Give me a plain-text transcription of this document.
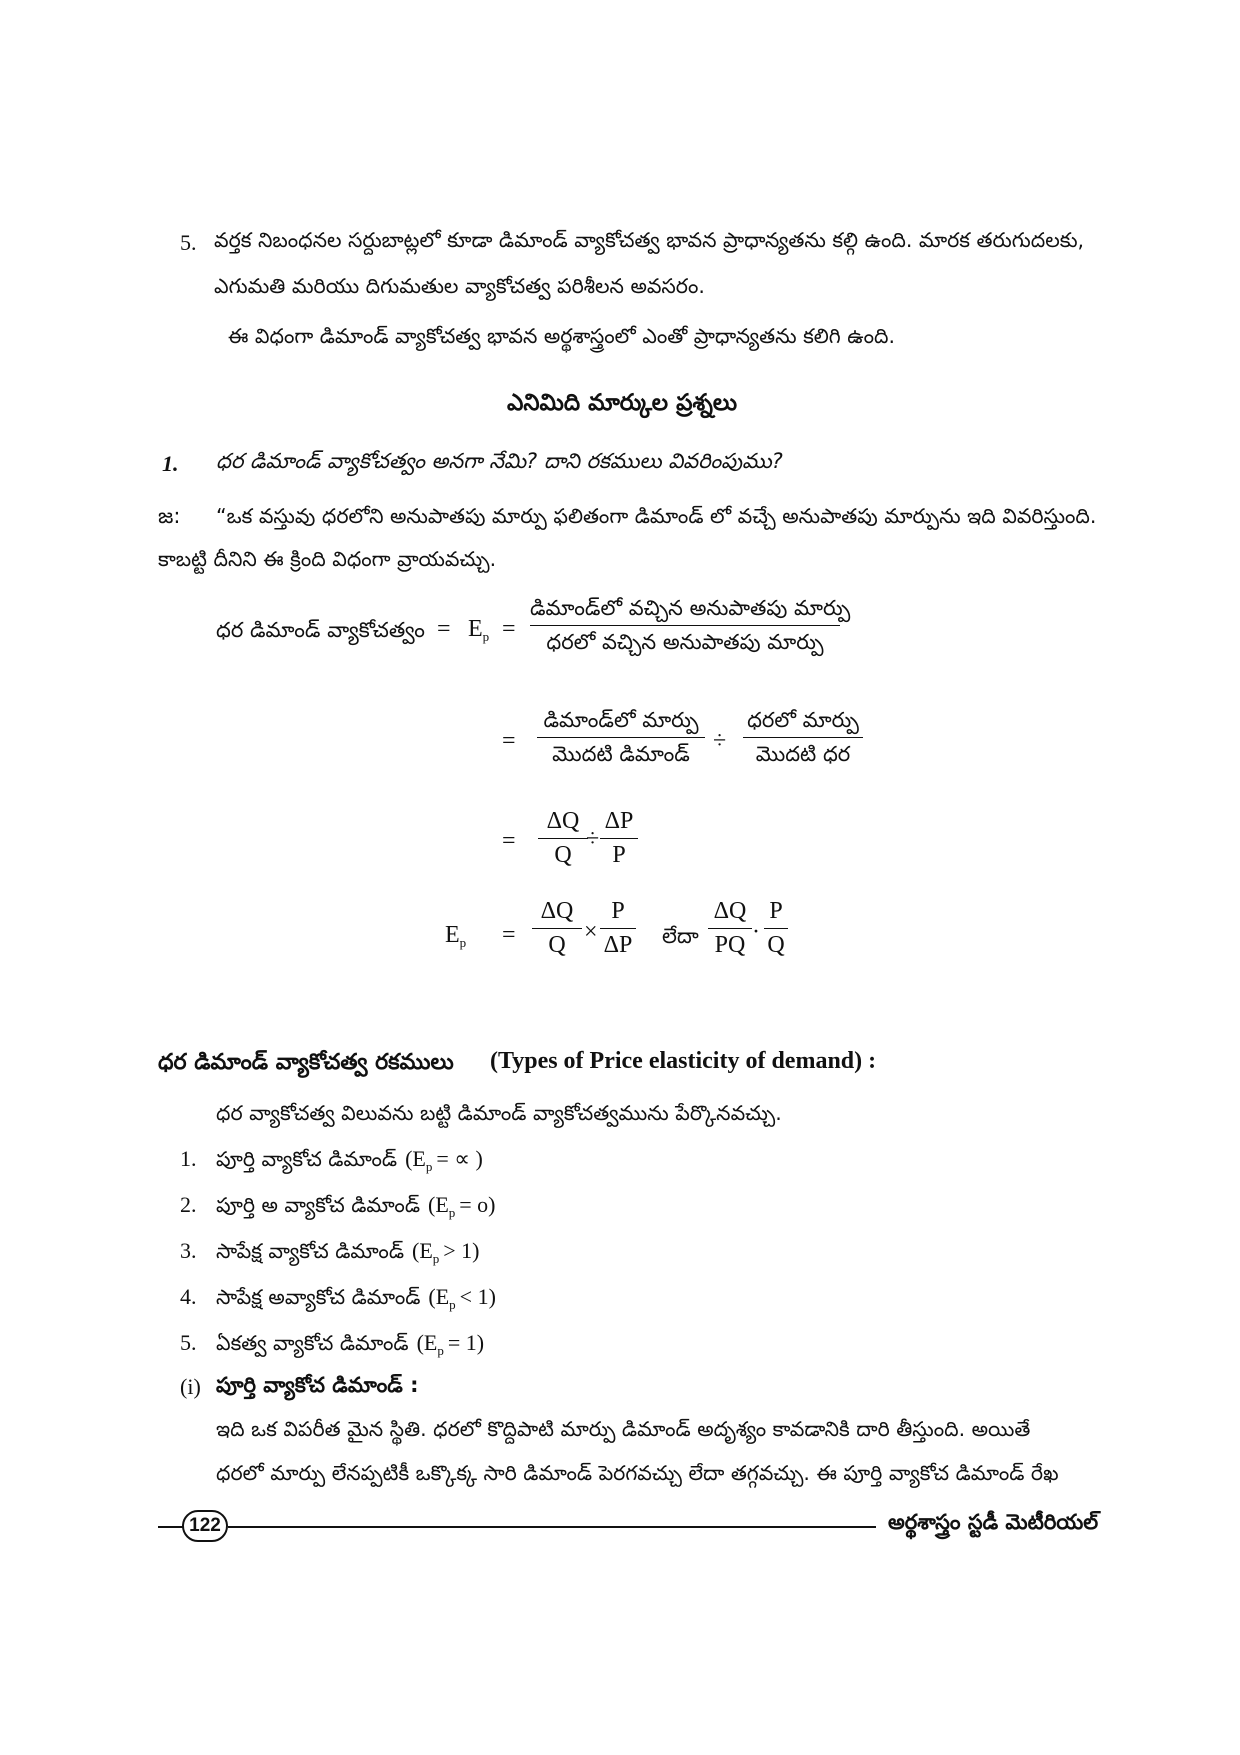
5. వర్తక నిబంధనల సర్దుబాట్లలో కూడా డిమాండ్ వ్యాకోచత్వ భావన ప్రాధాన్యతను కల్గి ఉంది. మారక తరుగుదలకు,
ఎగుమతి మరియు దిగుమతుల వ్యాకోచత్వ పరిశీలన అవసరం.
ఈ విధంగా డిమాండ్ వ్యాకోచత్వ భావన అర్థశాస్త్రంలో ఎంతో ప్రాధాన్యతను కలిగి ఉంది.
ఎనిమిది మార్కుల ప్రశ్నలు
1. ధర డిమాండ్ వ్యాకోచత్వం అనగా నేమి? దాని రకములు వివరింపుము?
జ: “ఒక వస్తువు ధరలోని అనుపాతపు మార్పు ఫలితంగా డిమాండ్ లో వచ్చే అనుపాతపు మార్పును ఇది వివరిస్తుంది.
కాబట్టి దీనిని ఈ క్రింది విధంగా వ్రాయవచ్చు.
ధర డిమాండ్ వ్యాకోచత్వం = $E_p$ =
డిమాండ్‌లో వచ్చిన అనుపాతపు మార్పు
ధరలో వచ్చిన అనుపాతపు మార్పు
=
డిమాండ్‌లో మార్పు
మొదటి డిమాండ్ ÷
ధరలో మార్పు
మొదటి ధర
=
ΔQ
Q
÷
ΔP
P
$E_p$ =
ΔQ
Q ×
P
ΔP లేదా
ΔQ
PQ ·
P
Q
ధర డిమాండ్ వ్యాకోచత్వ రకములు (Types of Price elasticity of demand) :
ధర వ్యాకోచత్వ విలువను బట్టి డిమాండ్ వ్యాకోచత్వమును పేర్కొనవచ్చు.
1. పూర్తి వ్యాకోచ డిమాండ్ ($E_p$ = ∝ )
2. పూర్తి అ వ్యాకోచ డిమాండ్ $(E_p = o)$
3. సాపేక్ష వ్యాకోచ డిమాండ్ $(E_p > 1)$
4. సాపేక్ష అవ్యాకోచ డిమాండ్ $(E_p < 1)$
5. ఏకత్వ వ్యాకోచ డిమాండ్ $(E_p = 1)$
(i) పూర్తి వ్యాకోచ డిమాండ్ :
ఇది ఒక విపరీత మైన స్థితి. ధరలో కొద్దిపాటి మార్పు డిమాండ్ అదృశ్యం కావడానికి దారి తీస్తుంది. అయితే
ధరలో మార్పు లేనప్పటికీ ఒక్కొక్క సారి డిమాండ్ పెరగవచ్చు లేదా తగ్గవచ్చు. ఈ పూర్తి వ్యాకోచ డిమాండ్ రేఖ
122	అర్థశాస్త్రం స్టడీ మెటీరియల్
